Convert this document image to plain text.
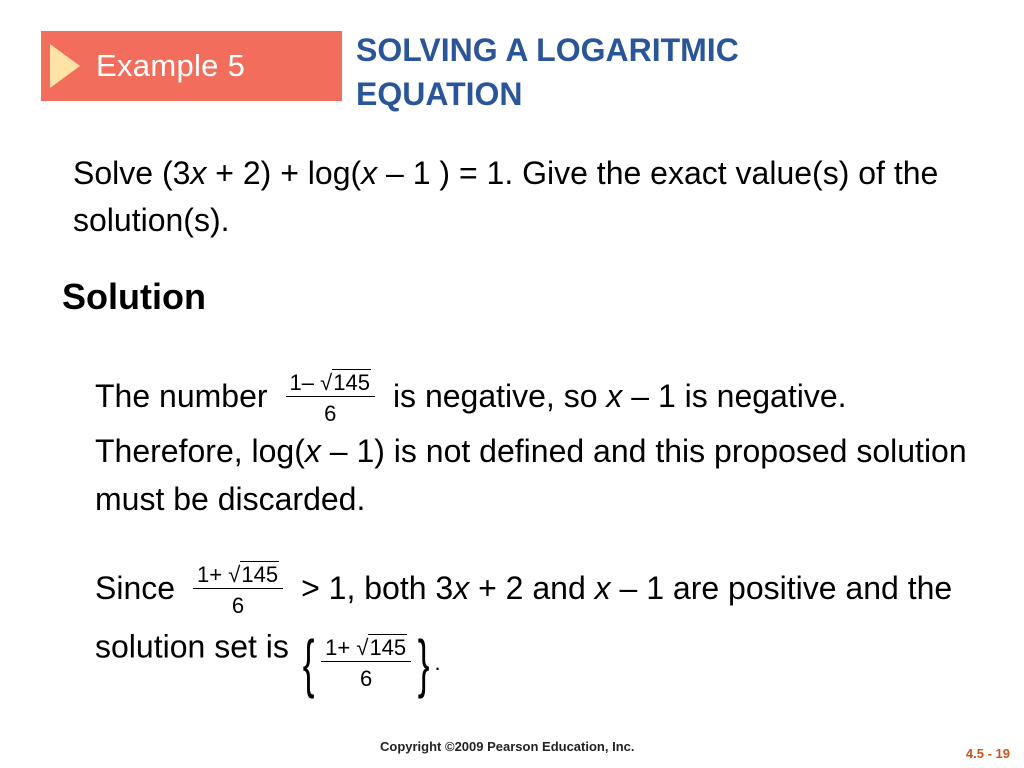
Example 5	SOLVING A LOGARITMIC
EQUATION
Solve (3x + 2) + log(x – 1 ) = 1. Give the exact value(s) of the solution(s).
Solution
The number $\frac{1- √145}{6}$ is negative, so x – 1 is negative. Therefore, log(x – 1) is not defined and this proposed solution must be discarded.
Since $\frac{1+ √145}{6} > 1$, both 3x + 2 and x – 1 are positive and the solution set is { $\frac{1+ √145}{6}$ } .
Copyright ©2009 Pearson Education, Inc.	4.5 - 19
